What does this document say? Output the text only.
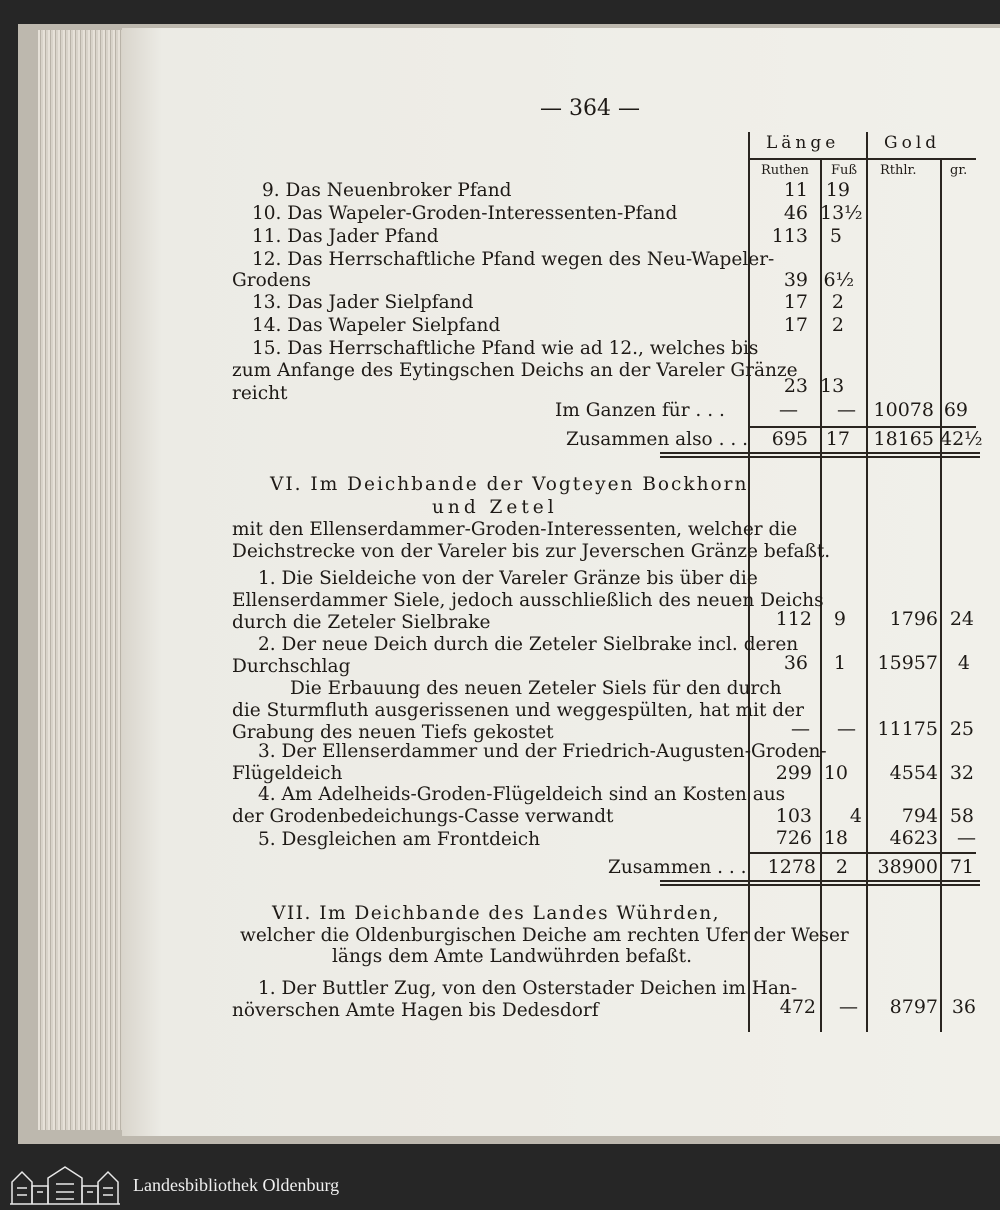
— 364 —
Länge	Gold
Ruthen Fuß Rthlr.	gr.
9. Das Neuenbroker Pfand	11 19
10. Das Wapeler-Groden-Interessenten-Pfand	46 13½
11. Das Jader Pfand	113	5
12. Das Herrschaftliche Pfand wegen des Neu-Wapeler-
Grodens	39 6½
13. Das Jader Sielpfand	17	2
14. Das Wapeler Sielpfand	17	2
15. Das Herrschaftliche Pfand wie ad 12., welches bis
zum Anfange des Eytingschen Deichs an der Vareler Gränze
reicht	23 13
Im Ganzen für . . .	—	— 10078 69
Zusammen also . . .	695 17	18165 42½
VI. Im Deichbande der Vogteyen Bockhorn
und Zetel
mit den Ellenserdammer-Groden-Interessenten, welcher die
Deichstrecke von der Vareler bis zur Jeverschen Gränze befaßt.
1. Die Sieldeiche von der Vareler Gränze bis über die
Ellenserdammer Siele, jedoch ausschließlich des neuen Deichs
durch die Zeteler Sielbrake	112	9	1796 24
2. Der neue Deich durch die Zeteler Sielbrake incl. deren
Durchschlag	36	1	15957	4
Die Erbauung des neuen Zeteler Siels für den durch
die Sturmfluth ausgerissenen und weggespülten, hat mit der
Grabung des neuen Tiefs gekostet	—	—	11175 25
3. Der Ellenserdammer und der Friedrich-Augusten-Groden-
Flügeldeich	299 10	4554 32
4. Am Adelheids-Groden-Flügeldeich sind an Kosten aus
der Grodenbedeichungs-Casse verwandt	103	4	794 58
5. Desgleichen am Frontdeich	726 18	4623	—
Zusammen . . .	1278	2	38900 71
VII. Im Deichbande des Landes Wührden,
welcher die Oldenburgischen Deiche am rechten Ufer der Weser
längs dem Amte Landwührden befaßt.
1. Der Buttler Zug, von den Osterstader Deichen im Han-
növerschen Amte Hagen bis Dedesdorf	472	—	8797 36
Landesbibliothek Oldenburg
